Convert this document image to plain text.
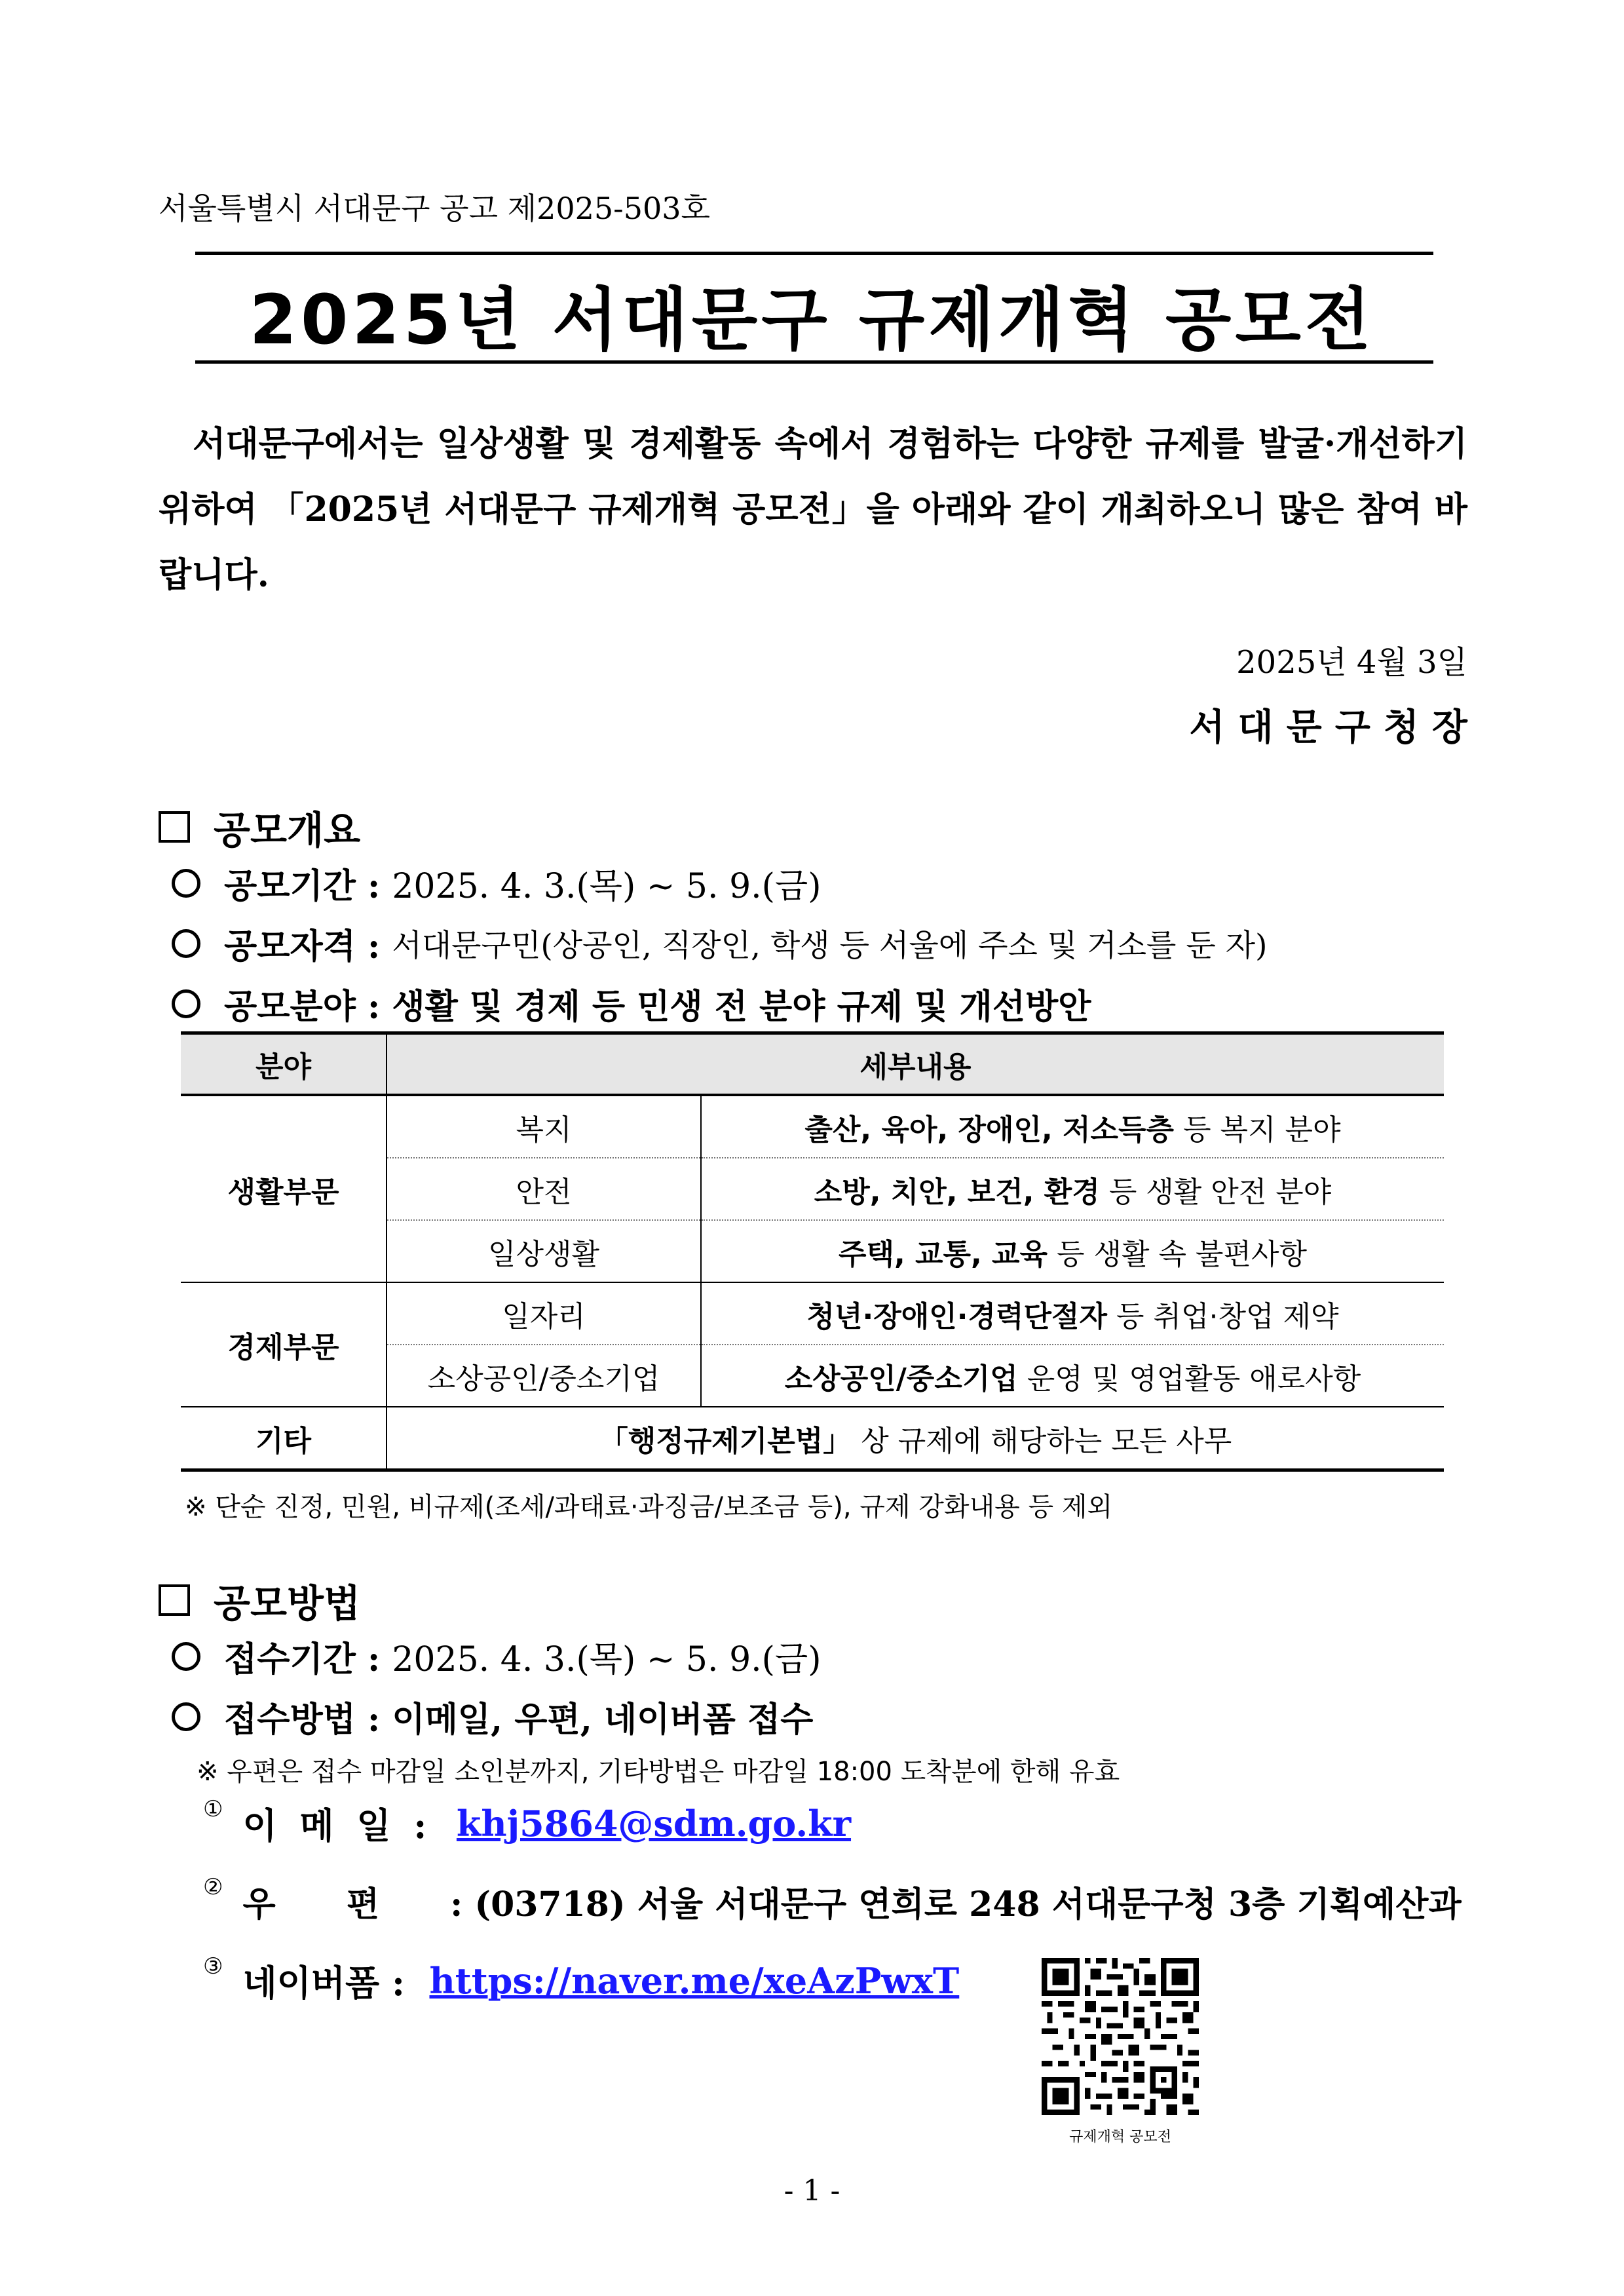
서울특별시 서대문구 공고 제2025-503호
2025년 서대문구 규제개혁 공모전
서대문구에서는 일상생활 및 경제활동 속에서 경험하는 다양한 규제를 발굴·개선하기 위하여 「2025년 서대문구 규제개혁 공모전」을 아래와 같이 개최하오니 많은 참여 바랍니다.
2025년 4월 3일
서대문구청장
공모개요
공모기간 :
2025. 4. 3.(목) ~ 5. 9.(금)
공모자격 :
서대문구민(상공인, 직장인, 학생 등 서울에 주소 및 거소를 둔 자)
공모분야 :
생활 및 경제 등 민생 전 분야 규제 및 개선방안
분야	세부내용	
생활부문	복지	출산, 육아, 장애인, 저소득층 등 복지 분야
	안전	소방, 치안, 보건, 환경 등 생활 안전 분야
	일상생활	주택, 교통, 교육 등 생활 속 불편사항
경제부문	일자리	청년·장애인·경력단절자 등 취업·창업 제약
	소상공인/중소기업	소상공인/중소기업 운영 및 영업활동 애로사항
기타	「행정규제기본법」 상 규제에 해당하는 모든 사무	
※ 단순 진정, 민원, 비규제(조세/과태료·과징금/보조금 등), 규제 강화내용 등 제외
공모방법
접수기간 :
2025. 4. 3.(목) ~ 5. 9.(금)
접수방법 :
이메일, 우편, 네이버폼 접수
※ 우편은 접수 마감일 소인분까지, 기타방법은 마감일 18:00 도착분에 한해 유효
① 이 메 일 :
khj5864@sdm.go.kr
② 우 편 :
(03718) 서울 서대문구 연희로 248 서대문구청 3층 기획예산과
③ 네이버폼 :
https://naver.me/xeAzPwxT
규제개혁 공모전
- 1 -
